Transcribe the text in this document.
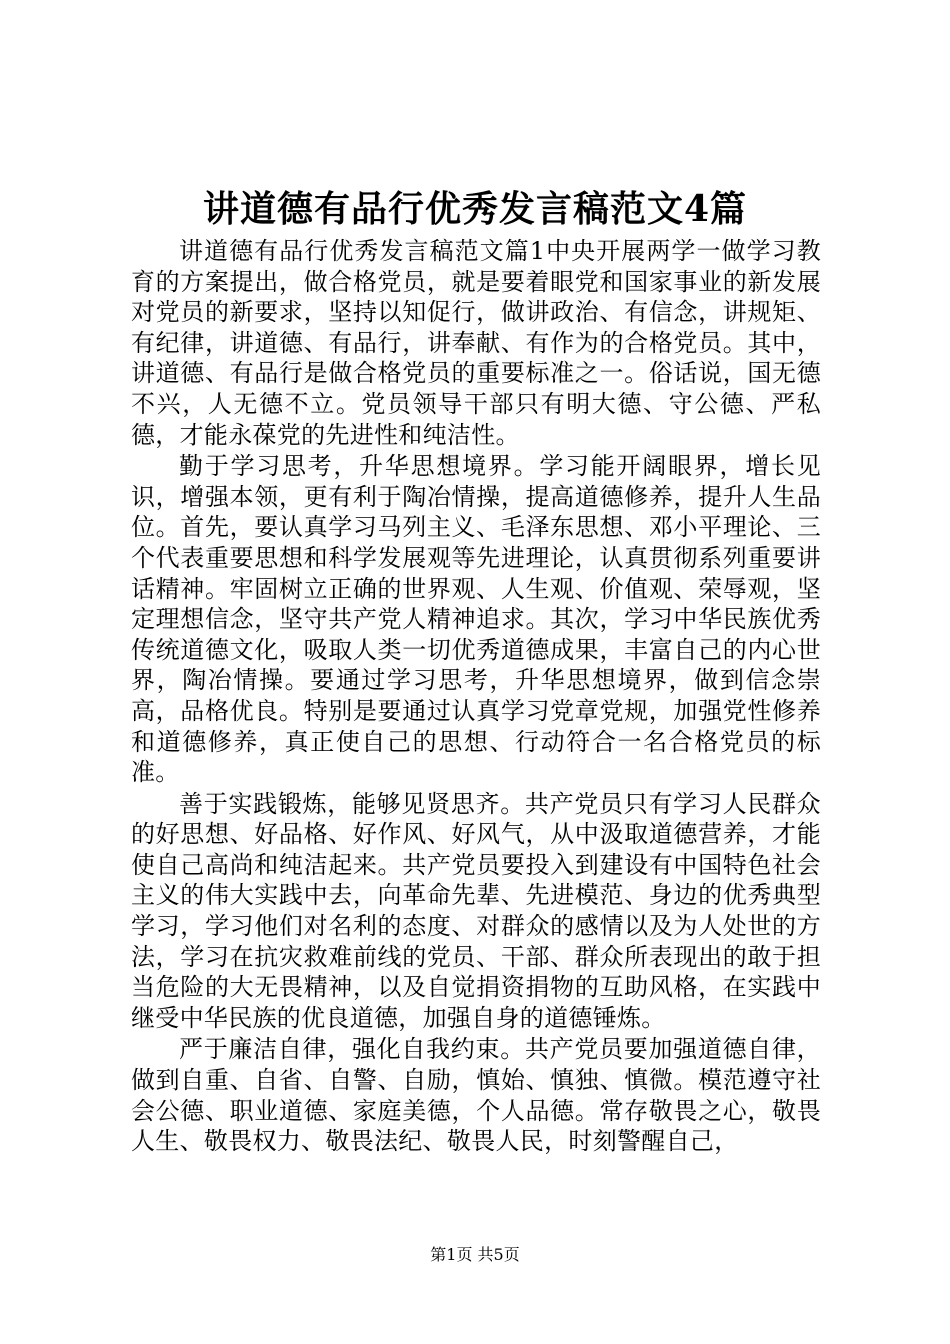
讲道德有品行优秀发言稿范文4篇

讲道德有品行优秀发言稿范文篇1中央开展两学一做学习教育的方案提出，做合格党员，就是要着眼党和国家事业的新发展对党员的新要求，坚持以知促行，做讲政治、有信念，讲规矩、有纪律，讲道德、有品行，讲奉献、有作为的合格党员。其中，讲道德、有品行是做合格党员的重要标准之一。俗话说，国无德不兴，人无德不立。党员领导干部只有明大德、守公德、严私德，才能永葆党的先进性和纯洁性。

勤于学习思考，升华思想境界。学习能开阔眼界，增长见识，增强本领，更有利于陶冶情操，提高道德修养，提升人生品位。首先，要认真学习马列主义、毛泽东思想、邓小平理论、三个代表重要思想和科学发展观等先进理论，认真贯彻系列重要讲话精神。牢固树立正确的世界观、人生观、价值观、荣辱观，坚定理想信念，坚守共产党人精神追求。其次，学习中华民族优秀传统道德文化，吸取人类一切优秀道德成果，丰富自己的内心世界，陶冶情操。要通过学习思考，升华思想境界，做到信念崇高，品格优良。特别是要通过认真学习党章党规，加强党性修养和道德修养，真正使自己的思想、行动符合一名合格党员的标准。

善于实践锻炼，能够见贤思齐。共产党员只有学习人民群众的好思想、好品格、好作风、好风气，从中汲取道德营养，才能使自己高尚和纯洁起来。共产党员要投入到建设有中国特色社会主义的伟大实践中去，向革命先辈、先进模范、身边的优秀典型学习，学习他们对名利的态度、对群众的感情以及为人处世的方法，学习在抗灾救难前线的党员、干部、群众所表现出的敢于担当危险的大无畏精神，以及自觉捐资捐物的互助风格，在实践中继受中华民族的优良道德，加强自身的道德锤炼。

严于廉洁自律，强化自我约束。共产党员要加强道德自律，做到自重、自省、自警、自励，慎始、慎独、慎微。模范遵守社会公德、职业道德、家庭美德，个人品德。常存敬畏之心，敬畏人生、敬畏权力、敬畏法纪、敬畏人民，时刻警醒自己，

第1页 共5页
